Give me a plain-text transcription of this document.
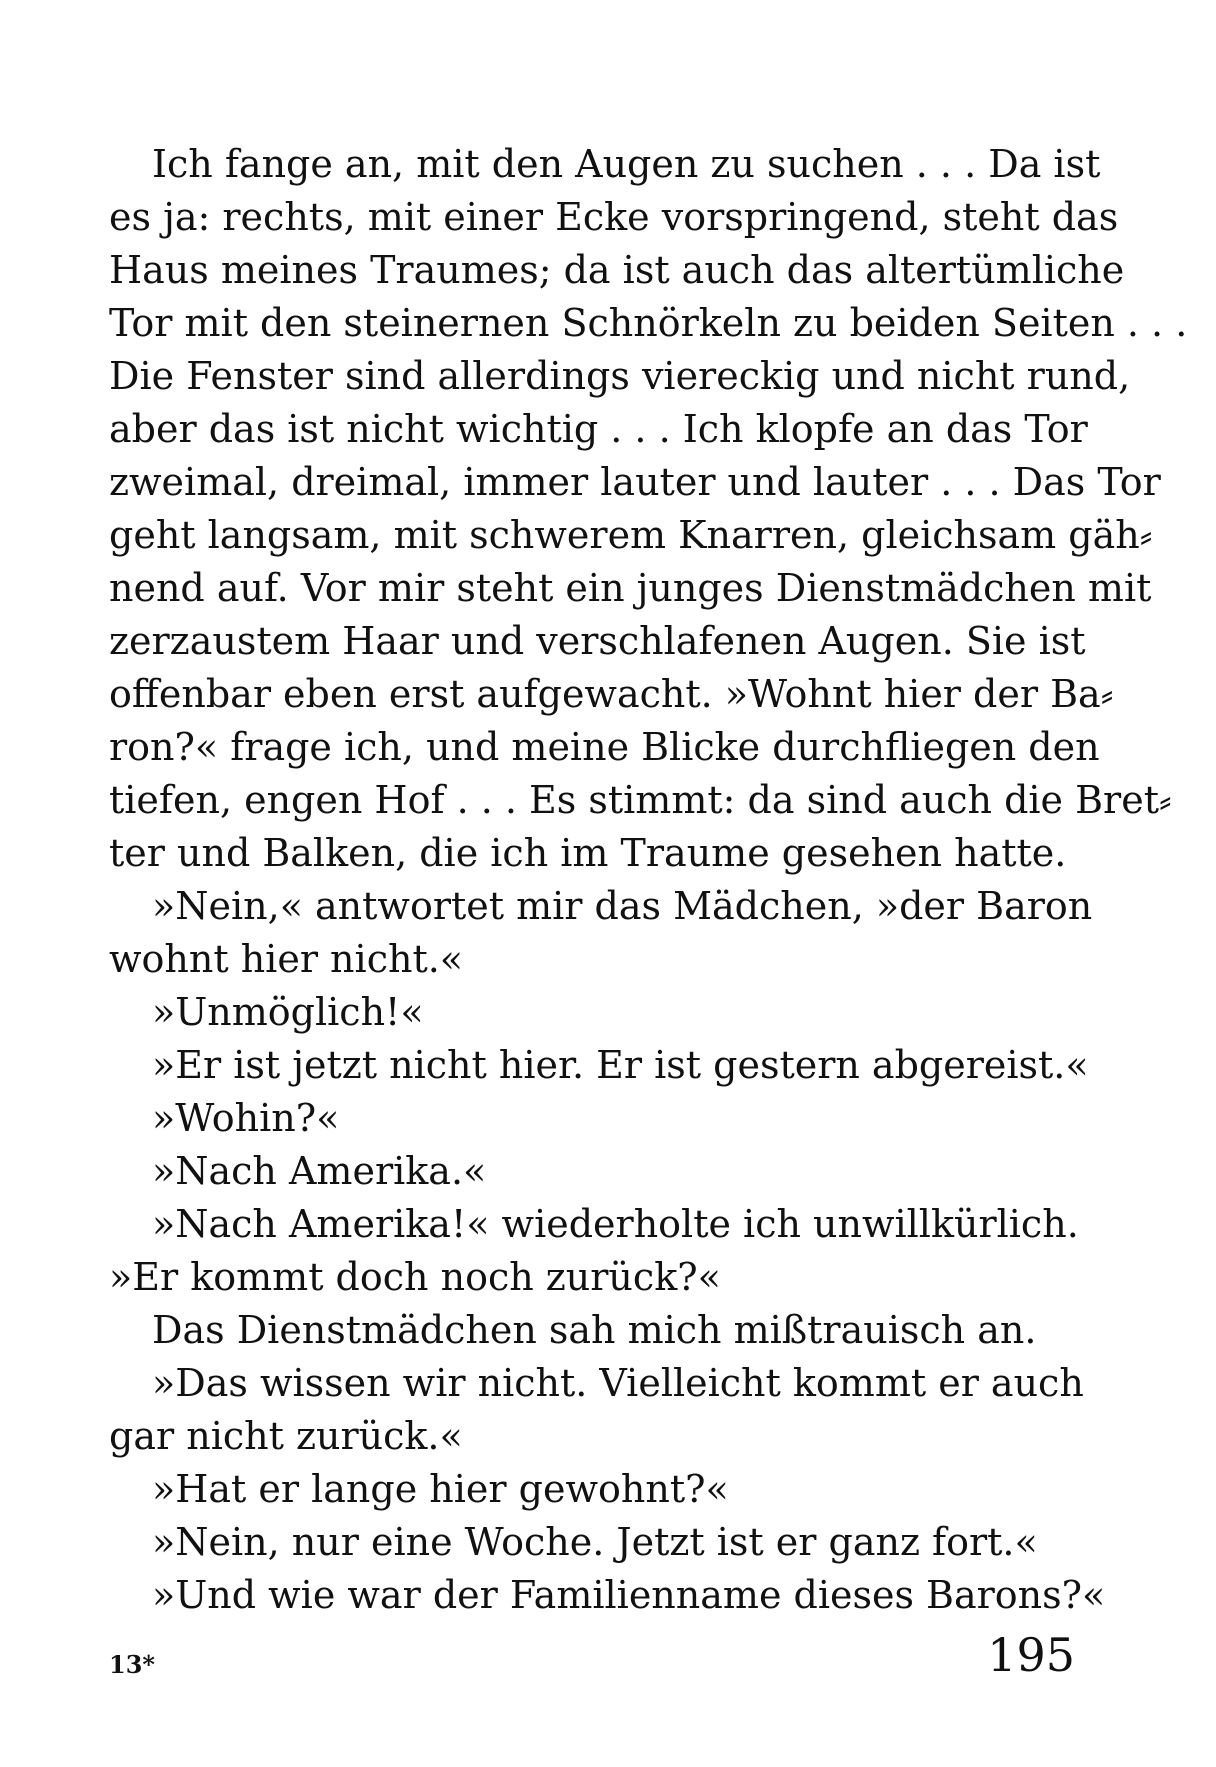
Ich fange an, mit den Augen zu suchen . . . Da ist
es ja: rechts, mit einer Ecke vorspringend, steht das
Haus meines Traumes; da ist auch das altertümliche
Tor mit den steinernen Schnörkeln zu beiden Seiten . . .
Die Fenster sind allerdings viereckig und nicht rund,
aber das ist nicht wichtig . . . Ich klopfe an das Tor
zweimal, dreimal, immer lauter und lauter . . . Das Tor
geht langsam, mit schwerem Knarren, gleichsam gäh⸗
nend auf. Vor mir steht ein junges Dienstmädchen mit
zerzaustem Haar und verschlafenen Augen. Sie ist
offenbar eben erst aufgewacht. »Wohnt hier der Ba⸗
ron?« frage ich, und meine Blicke durchfliegen den
tiefen, engen Hof . . . Es stimmt: da sind auch die Bret⸗
ter und Balken, die ich im Traume gesehen hatte.
»Nein,« antwortet mir das Mädchen, »der Baron
wohnt hier nicht.«
»Unmöglich!«
»Er ist jetzt nicht hier. Er ist gestern abgereist.«
»Wohin?«
»Nach Amerika.«
»Nach Amerika!« wiederholte ich unwillkürlich.
»Er kommt doch noch zurück?«
Das Dienstmädchen sah mich mißtrauisch an.
»Das wissen wir nicht. Vielleicht kommt er auch
gar nicht zurück.«
»Hat er lange hier gewohnt?«
»Nein, nur eine Woche. Jetzt ist er ganz fort.«
»Und wie war der Familienname dieses Barons?«
13*	195
